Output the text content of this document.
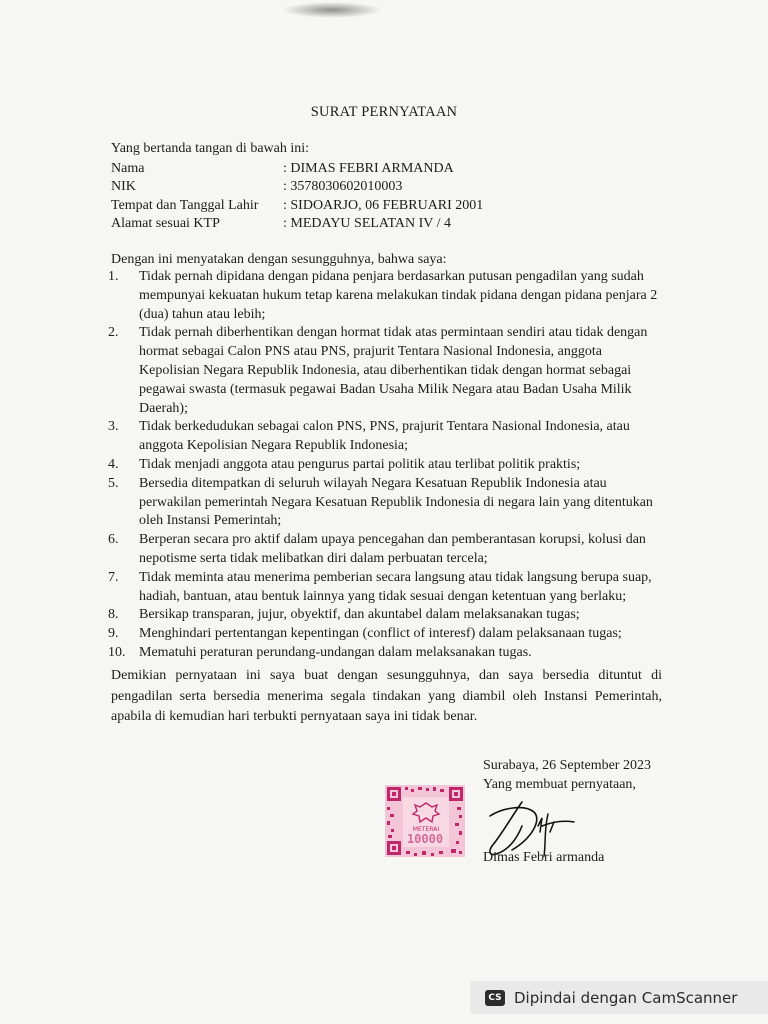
SURAT PERNYATAAN
Yang bertanda tangan di bawah ini:
Nama	: DIMAS FEBRI ARMANDA
NIK	: 3578030602010003
Tempat dan Tanggal Lahir	: SIDOARJO, 06 FEBRUARI 2001
Alamat sesuai KTP	: MEDAYU SELATAN IV / 4
Dengan ini menyatakan dengan sesungguhnya, bahwa saya:
1.	Tidak pernah dipidana dengan pidana penjara berdasarkan putusan pengadilan yang sudah mempunyai kekuatan hukum tetap karena melakukan tindak pidana dengan pidana penjara 2 (dua) tahun atau lebih;
2.	Tidak pernah diberhentikan dengan hormat tidak atas permintaan sendiri atau tidak dengan hormat sebagai Calon PNS atau PNS, prajurit Tentara Nasional Indonesia, anggota Kepolisian Negara Republik Indonesia, atau diberhentikan tidak dengan hormat sebagai pegawai swasta (termasuk pegawai Badan Usaha Milik Negara atau Badan Usaha Milik Daerah);
3.	Tidak berkedudukan sebagai calon PNS, PNS, prajurit Tentara Nasional Indonesia, atau anggota Kepolisian Negara Republik Indonesia;
4.	Tidak menjadi anggota atau pengurus partai politik atau terlibat politik praktis;
5.	Bersedia ditempatkan di seluruh wilayah Negara Kesatuan Republik Indonesia atau perwakilan pemerintah Negara Kesatuan Republik Indonesia di negara lain yang ditentukan oleh Instansi Pemerintah;
6.	Berperan secara pro aktif dalam upaya pencegahan dan pemberantasan korupsi, kolusi dan nepotisme serta tidak melibatkan diri dalam perbuatan tercela;
7.	Tidak meminta atau menerima pemberian secara langsung atau tidak langsung berupa suap, hadiah, bantuan, atau bentuk lainnya yang tidak sesuai dengan ketentuan yang berlaku;
8.	Bersikap transparan, jujur, obyektif, dan akuntabel dalam melaksanakan tugas;
9.	Menghindari pertentangan kepentingan (conflict of interesf) dalam pelaksanaan tugas;
10. Mematuhi peraturan perundang-undangan dalam melaksanakan tugas.
Demikian pernyataan ini saya buat dengan sesungguhnya, dan saya bersedia dituntut di pengadilan serta bersedia menerima segala tindakan yang diambil oleh Instansi Pemerintah, apabila di kemudian hari terbukti pernyataan saya ini tidak benar.
Surabaya, 26 September 2023
Yang membuat pernyataan,
METERAI
10000
Dimas Febri armanda
CS Dipindai dengan CamScanner
